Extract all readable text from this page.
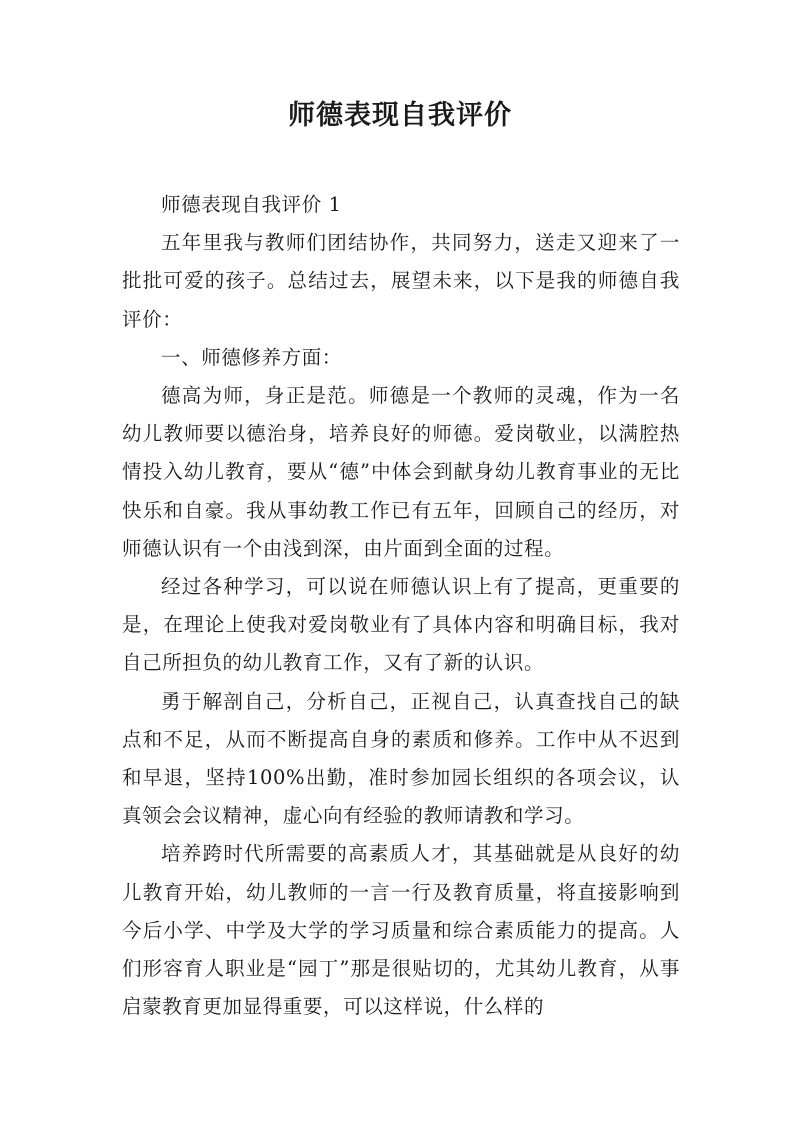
师德表现自我评价

师德表现自我评价 1

五年里我与教师们团结协作，共同努力，送走又迎来了一批批可爱的孩子。总结过去，展望未来，以下是我的师德自我评价：

一、师德修养方面：

德高为师，身正是范。师德是一个教师的灵魂，作为一名幼儿教师要以德治身，培养良好的师德。爱岗敬业，以满腔热情投入幼儿教育，要从“德”中体会到献身幼儿教育事业的无比快乐和自豪。我从事幼教工作已有五年，回顾自己的经历，对师德认识有一个由浅到深，由片面到全面的过程。

经过各种学习，可以说在师德认识上有了提高，更重要的是，在理论上使我对爱岗敬业有了具体内容和明确目标，我对自己所担负的幼儿教育工作，又有了新的认识。

勇于解剖自己，分析自己，正视自己，认真查找自己的缺点和不足，从而不断提高自身的素质和修养。工作中从不迟到和早退，坚持100%出勤，准时参加园长组织的各项会议，认真领会会议精神，虚心向有经验的教师请教和学习。

培养跨时代所需要的高素质人才，其基础就是从良好的幼儿教育开始，幼儿教师的一言一行及教育质量，将直接影响到今后小学、中学及大学的学习质量和综合素质能力的提高。人们形容育人职业是“园丁”那是很贴切的，尤其幼儿教育，从事启蒙教育更加显得重要，可以这样说，什么样的
